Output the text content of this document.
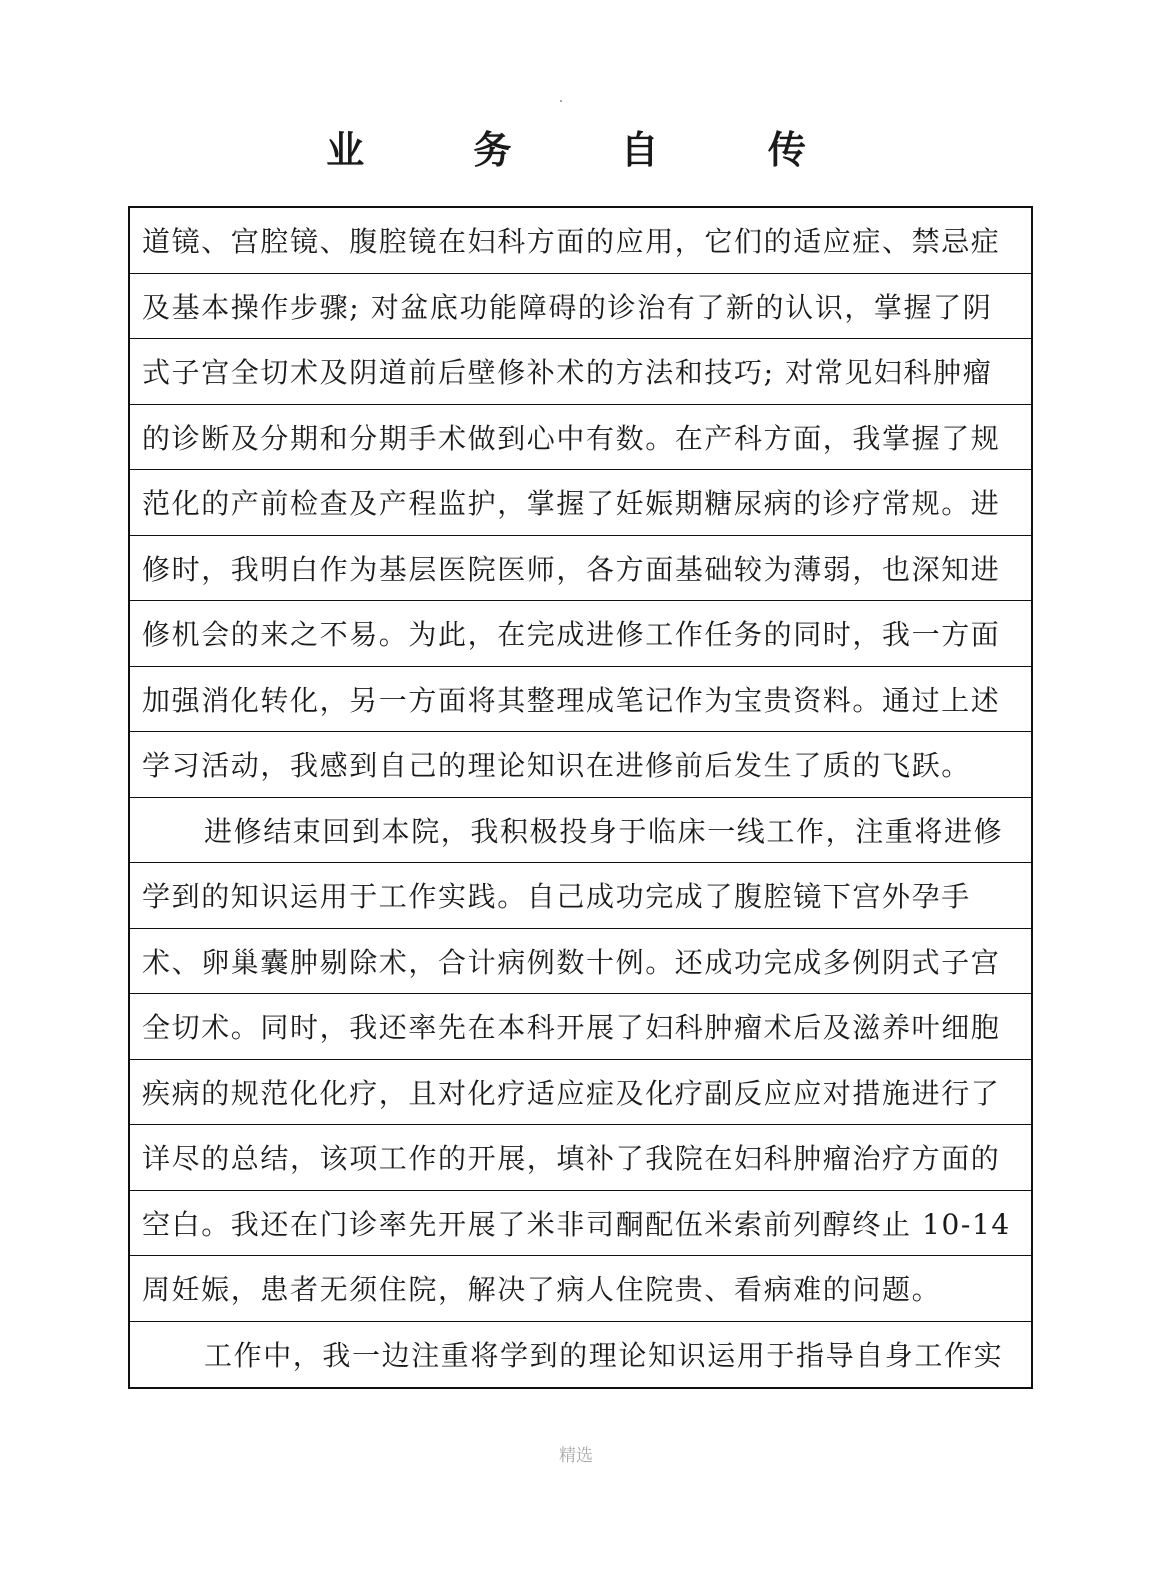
业 务 自 传
道镜、宫腔镜、腹腔镜在妇科方面的应用，它们的适应症、禁忌症
及基本操作步骤; 对盆底功能障碍的诊治有了新的认识，掌握了阴
式子宫全切术及阴道前后壁修补术的方法和技巧; 对常见妇科肿瘤
的诊断及分期和分期手术做到心中有数。在产科方面，我掌握了规
范化的产前检查及产程监护，掌握了妊娠期糖尿病的诊疗常规。进
修时，我明白作为基层医院医师，各方面基础较为薄弱，也深知进
修机会的来之不易。为此，在完成进修工作任务的同时，我一方面
加强消化转化，另一方面将其整理成笔记作为宝贵资料。通过上述
学习活动，我感到自己的理论知识在进修前后发生了质的飞跃。
进修结束回到本院，我积极投身于临床一线工作，注重将进修
学到的知识运用于工作实践。自己成功完成了腹腔镜下宫外孕手
术、卵巢囊肿剔除术，合计病例数十例。还成功完成多例阴式子宫
全切术。同时，我还率先在本科开展了妇科肿瘤术后及滋养叶细胞
疾病的规范化化疗，且对化疗适应症及化疗副反应应对措施进行了
详尽的总结，该项工作的开展，填补了我院在妇科肿瘤治疗方面的
空白。我还在门诊率先开展了米非司酮配伍米索前列醇终止 10-14
周妊娠，患者无须住院，解决了病人住院贵、看病难的问题。
工作中，我一边注重将学到的理论知识运用于指导自身工作实
精选
